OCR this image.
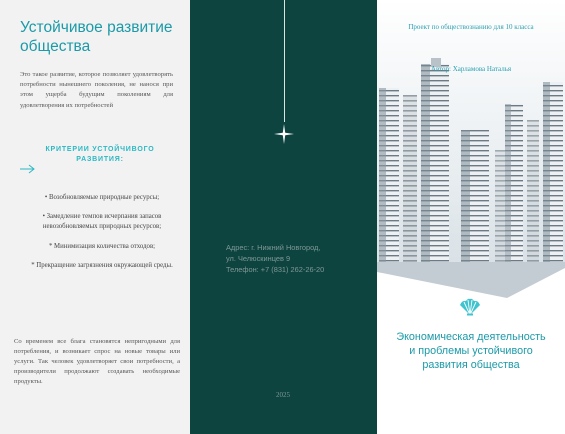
Устойчивое развитие общества

Это такое развитие, которое позволяет удовлетворять потребности нынешнего поколения, не нанося при этом ущерба будущим поколениям для удовлетворения их потребностей

КРИТЕРИИ УСТОЙЧИВОГО РАЗВИТИЯ:
• Возобновляемые природные ресурсы;
• Замедление темпов исчерпания запасов невозобновляемых природных ресурсов;
* Минимизация количества отходов;
* Прекращение загрязнения окружающей среды.

Со временем все блага становятся непригодными для потребления, и возникает спрос на новые товары или услуги. Так человек удовлетворяет свои потребности, а производители продолжают создавать необходимые продукты.

Адрес: г. Нижний Новгород,
ул. Челюскинцев 9
Телефон: +7 (831) 262-26-20
2025
Проект по обществознанию для 10 класса
Автор: Харламова Наталья
Экономическая деятельность и проблемы устойчивого развития общества
